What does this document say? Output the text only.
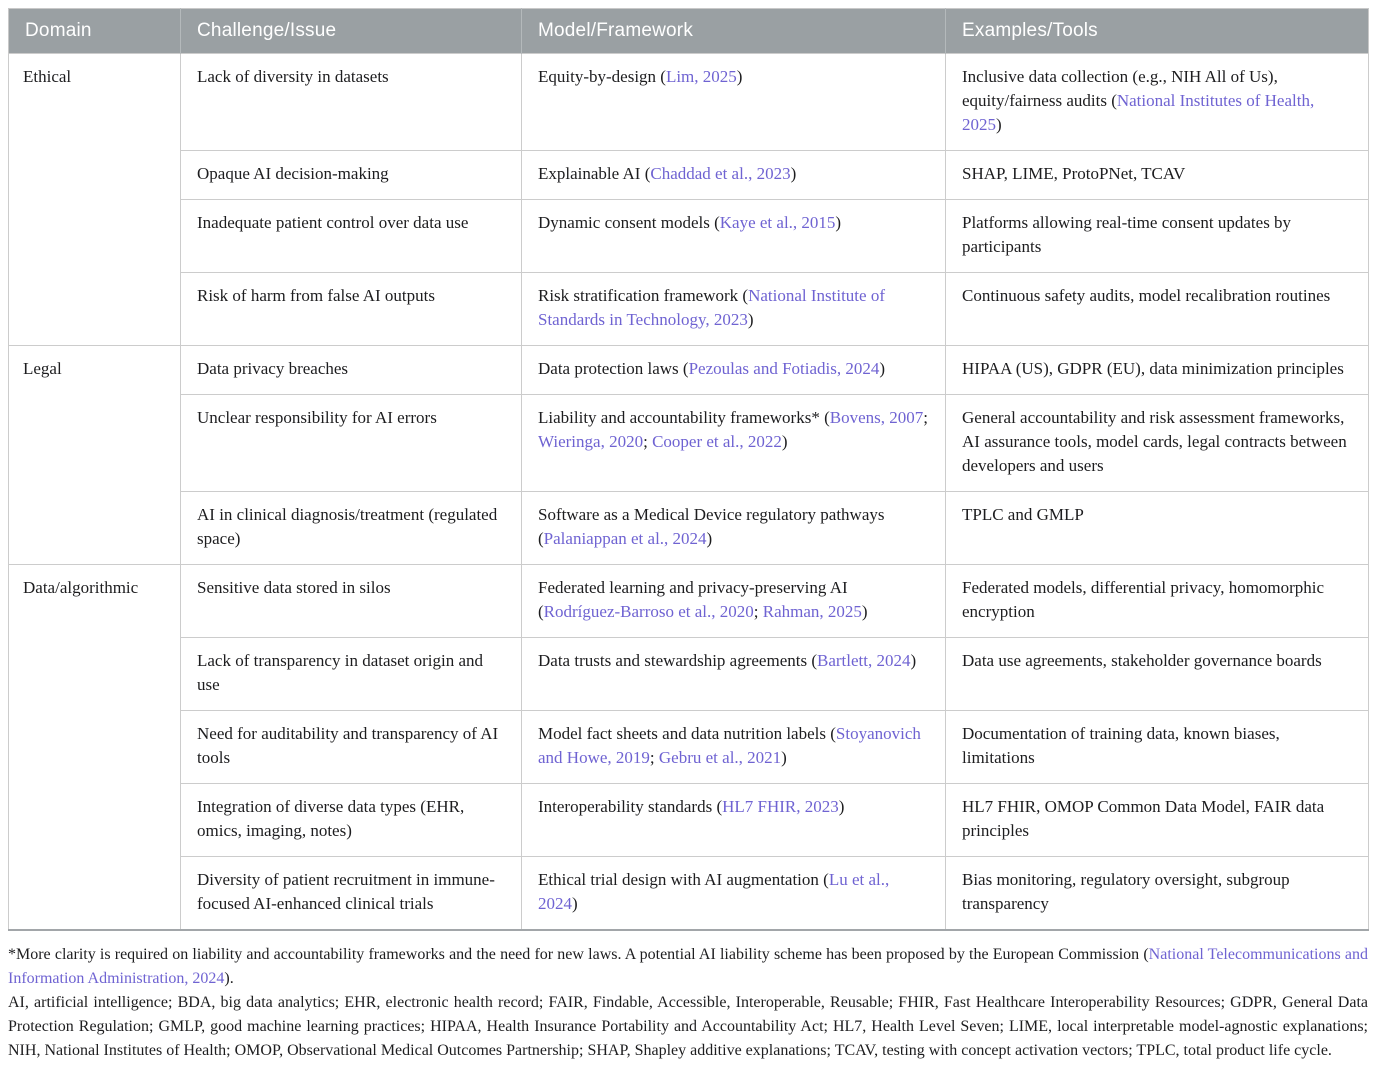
Domain	Challenge/Issue	Model/Framework	Examples/Tools
Ethical	Lack of diversity in datasets	Equity-by-design (Lim, 2025)	Inclusive data collection (e.g., NIH All of Us), equity/fairness audits (National Institutes of Health, 2025)
	Opaque AI decision-making	Explainable AI (Chaddad et al., 2023)	SHAP, LIME, ProtoPNet, TCAV
	Inadequate patient control over data use	Dynamic consent models (Kaye et al., 2015)	Platforms allowing real-time consent updates by participants
	Risk of harm from false AI outputs	Risk stratification framework (National Institute of Standards in Technology, 2023)	Continuous safety audits, model recalibration routines
Legal	Data privacy breaches	Data protection laws (Pezoulas and Fotiadis, 2024)	HIPAA (US), GDPR (EU), data minimization principles
	Unclear responsibility for AI errors	Liability and accountability frameworks* (Bovens, 2007; Wieringa, 2020; Cooper et al., 2022)	General accountability and risk assessment frameworks, AI assurance tools, model cards, legal contracts between developers and users
	AI in clinical diagnosis/treatment (regulated space)	Software as a Medical Device regulatory pathways (Palaniappan et al., 2024)	TPLC and GMLP
Data/algorithmic	Sensitive data stored in silos	Federated learning and privacy-preserving AI (Rodríguez-Barroso et al., 2020; Rahman, 2025)	Federated models, differential privacy, homomorphic encryption
	Lack of transparency in dataset origin and use	Data trusts and stewardship agreements (Bartlett, 2024)	Data use agreements, stakeholder governance boards
	Need for auditability and transparency of AI tools	Model fact sheets and data nutrition labels (Stoyanovich and Howe, 2019; Gebru et al., 2021)	Documentation of training data, known biases, limitations
	Integration of diverse data types (EHR, omics, imaging, notes)	Interoperability standards (HL7 FHIR, 2023)	HL7 FHIR, OMOP Common Data Model, FAIR data principles
	Diversity of patient recruitment in immune-focused AI-enhanced clinical trials	Ethical trial design with AI augmentation (Lu et al., 2024)	Bias monitoring, regulatory oversight, subgroup transparency

*More clarity is required on liability and accountability frameworks and the need for new laws. A potential AI liability scheme has been proposed by the European Commission (National Telecommunications and Information Administration, 2024).

AI, artificial intelligence; BDA, big data analytics; EHR, electronic health record; FAIR, Findable, Accessible, Interoperable, Reusable; FHIR, Fast Healthcare Interoperability Resources; GDPR, General Data Protection Regulation; GMLP, good machine learning practices; HIPAA, Health Insurance Portability and Accountability Act; HL7, Health Level Seven; LIME, local interpretable model-agnostic explanations; NIH, National Institutes of Health; OMOP, Observational Medical Outcomes Partnership; SHAP, Shapley additive explanations; TCAV, testing with concept activation vectors; TPLC, total product life cycle.
